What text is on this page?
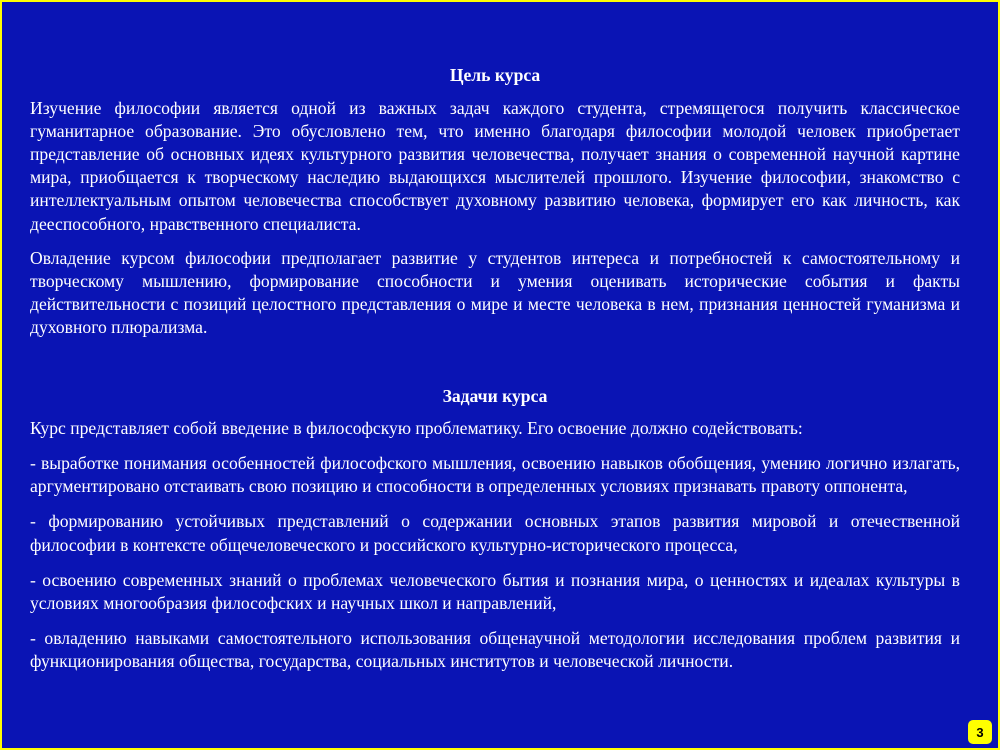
Цель курса

Изучение философии является одной из важных задач каждого студента, стремящегося получить классическое гуманитарное образование. Это обусловлено тем, что именно благодаря философии молодой человек приобретает представление об основных идеях культурного развития человечества, получает знания о современной научной картине мира, приобщается к творческому наследию выдающихся мыслителей прошлого. Изучение философии, знакомство с интеллектуальным опытом человечества способствует духовному развитию человека, формирует его как личность, как дееспособного, нравственного специалиста.

Овладение курсом философии предполагает развитие у студентов интереса и потребностей к самостоятельному и творческому мышлению, формирование способности и умения оценивать исторические события и факты действительности с позиций целостного представления о мире и месте человека в нем, признания ценностей гуманизма и духовного плюрализма.

Задачи курса

Курс представляет собой введение в философскую проблематику. Его освоение должно содействовать:

- выработке понимания особенностей философского мышления, освоению навыков обобщения, умению логично излагать, аргументировано отстаивать свою позицию и способности в определенных условиях признавать правоту оппонента,

- формированию устойчивых представлений о содержании основных этапов развития мировой и отечественной философии в контексте общечеловеческого и российского культурно-исторического процесса,

- освоению современных знаний о проблемах человеческого бытия и познания мира, о ценностях и идеалах культуры в условиях многообразия философских и научных школ и направлений,

- овладению навыками самостоятельного использования общенаучной методологии исследования проблем развития и функционирования общества, государства, социальных институтов и человеческой личности.

3
